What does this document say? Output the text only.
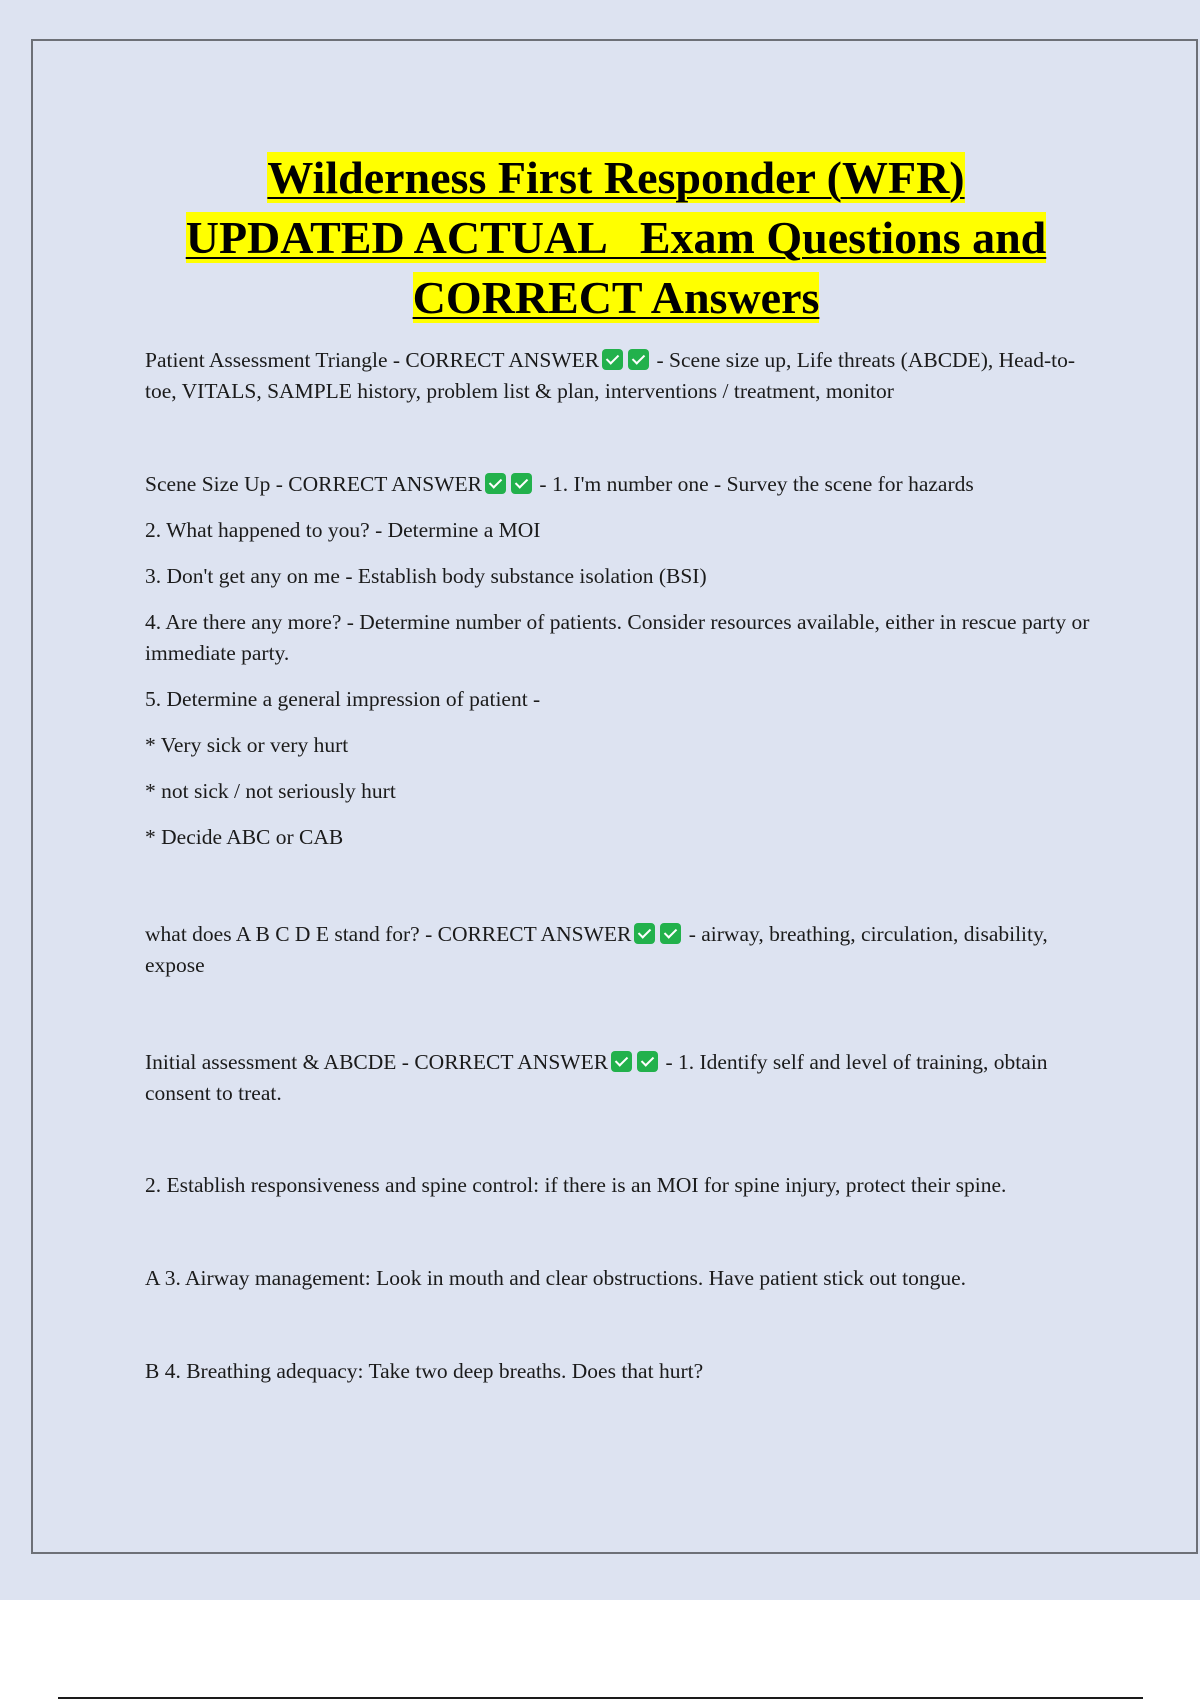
Wilderness First Responder (WFR)
UPDATED ACTUAL   Exam Questions and
CORRECT Answers

Patient Assessment Triangle - CORRECT ANSWER - Scene size up, Life threats (ABCDE), Head-to-toe, VITALS, SAMPLE history, problem list & plan, interventions / treatment, monitor

Scene Size Up - CORRECT ANSWER - 1. I'm number one - Survey the scene for hazards

2. What happened to you? - Determine a MOI

3. Don't get any on me - Establish body substance isolation (BSI)

4. Are there any more? - Determine number of patients. Consider resources available, either in rescue party or immediate party.

5. Determine a general impression of patient -

* Very sick or very hurt

* not sick / not seriously hurt

* Decide ABC or CAB

what does A B C D E stand for? - CORRECT ANSWER - airway, breathing, circulation, disability, expose

Initial assessment & ABCDE - CORRECT ANSWER - 1. Identify self and level of training, obtain consent to treat.

2. Establish responsiveness and spine control: if there is an MOI for spine injury, protect their spine.

A 3. Airway management: Look in mouth and clear obstructions. Have patient stick out tongue.

B 4. Breathing adequacy: Take two deep breaths. Does that hurt?
